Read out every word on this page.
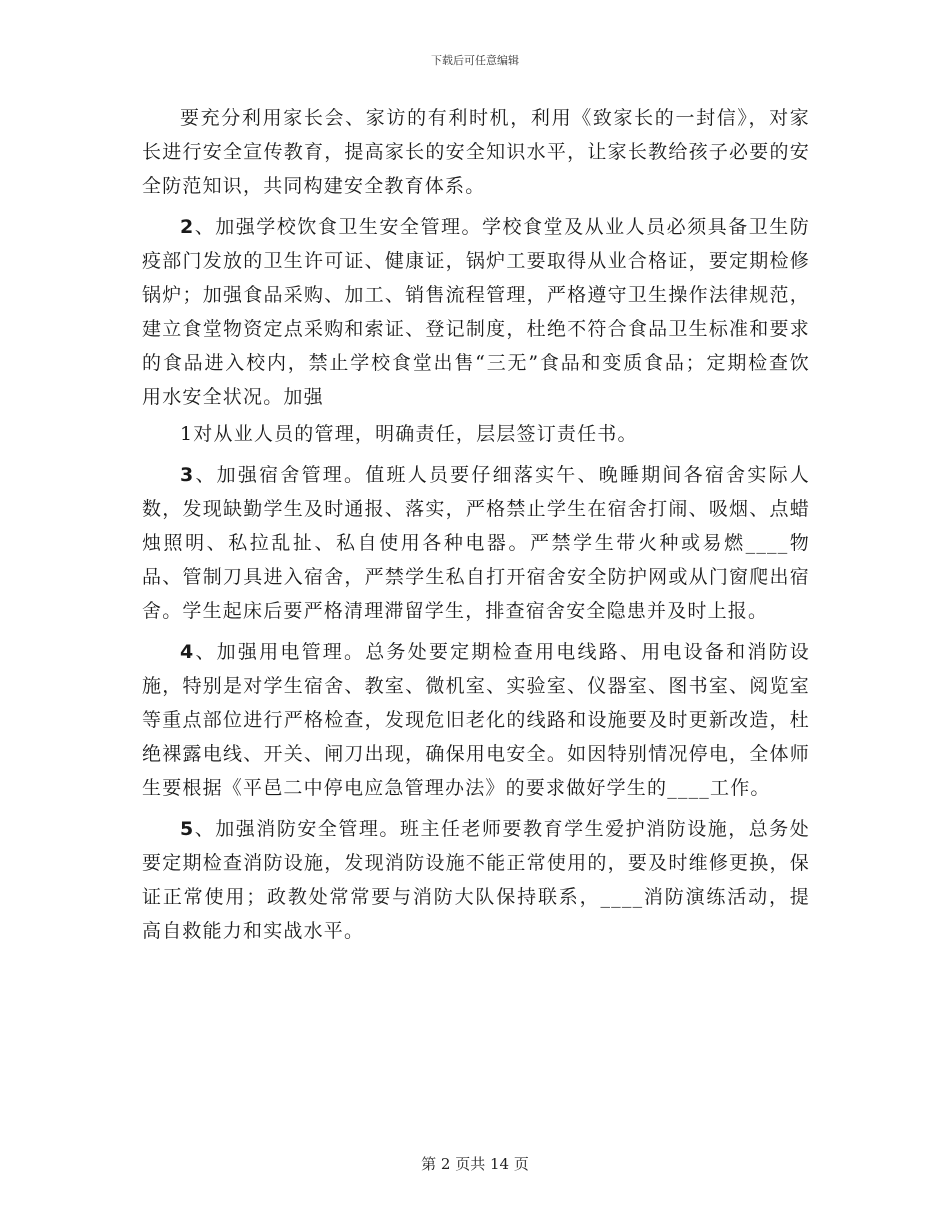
下载后可任意编辑

要充分利用家长会、家访的有利时机，利用《致家长的一封信》，对家长进行安全宣传教育，提高家长的安全知识水平，让家长教给孩子必要的安全防范知识，共同构建安全教育体系。

2、加强学校饮食卫生安全管理。学校食堂及从业人员必须具备卫生防疫部门发放的卫生许可证、健康证，锅炉工要取得从业合格证，要定期检修锅炉；加强食品采购、加工、销售流程管理，严格遵守卫生操作法律规范，建立食堂物资定点采购和索证、登记制度，杜绝不符合食品卫生标准和要求的食品进入校内，禁止学校食堂出售“三无”食品和变质食品；定期检查饮用水安全状况。加强

1对从业人员的管理，明确责任，层层签订责任书。

3、加强宿舍管理。值班人员要仔细落实午、晚睡期间各宿舍实际人数，发现缺勤学生及时通报、落实，严格禁止学生在宿舍打闹、吸烟、点蜡烛照明、私拉乱扯、私自使用各种电器。严禁学生带火种或易燃____物品、管制刀具进入宿舍，严禁学生私自打开宿舍安全防护网或从门窗爬出宿舍。学生起床后要严格清理滞留学生，排查宿舍安全隐患并及时上报。

4、加强用电管理。总务处要定期检查用电线路、用电设备和消防设施，特别是对学生宿舍、教室、微机室、实验室、仪器室、图书室、阅览室等重点部位进行严格检查，发现危旧老化的线路和设施要及时更新改造，杜绝裸露电线、开关、闸刀出现，确保用电安全。如因特别情况停电，全体师生要根据《平邑二中停电应急管理办法》的要求做好学生的____工作。

5、加强消防安全管理。班主任老师要教育学生爱护消防设施，总务处要定期检查消防设施，发现消防设施不能正常使用的，要及时维修更换，保证正常使用；政教处常常要与消防大队保持联系，____消防演练活动，提高自救能力和实战水平。

第 2 页共 14 页
